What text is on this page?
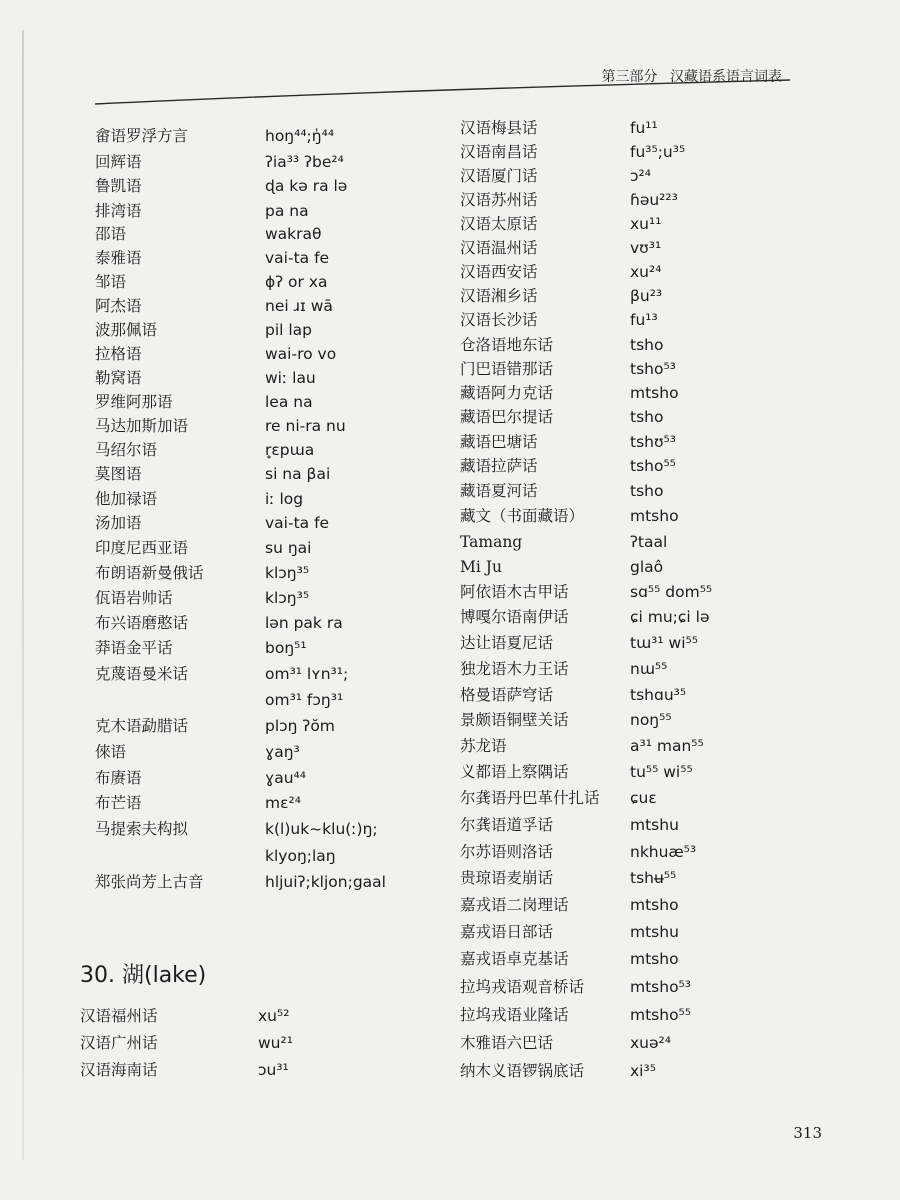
第三部分 汉藏语系语言词表
畲语罗浮方言	hoŋ⁴⁴;ŋ̍⁴⁴
回辉语	ʔia³³ ʔbe²⁴
鲁凯语	ɖa kə ra lə
排湾语	pa na
邵语	wakraθ
泰雅语	vai-ta fe
邹语	ɸʔ or xa
阿杰语	nei ɹɪ wā
波那佩语	pil lap
拉格语	wai-ro vo
勒窝语	wiː lau
罗维阿那语	lea na
马达加斯加语	re ni-ra nu
马绍尔语	r̥ɛpɯa
莫图语	si na βai
他加禄语	iː log
汤加语	vai-ta fe
印度尼西亚语	su ŋai
布朗语新曼俄话	klɔŋ³⁵
佤语岩帅话	klɔŋ³⁵
布兴语磨憨话	lən pak ra
莽语金平话	boŋ⁵¹
克蔑语曼米话	om³¹ lʏn³¹;
om³¹ fɔŋ³¹
克木语勐腊话	plɔŋ ʔŏm
倈语	ɣaŋ³
布赓语	ɣau⁴⁴
布芒语	mɛ²⁴
马提索夫构拟	k(l)uk~klu(ː)ŋ;
klyoŋ;laŋ
郑张尚芳上古音	hljuiʔ;kljon;gaal
30. 湖(lake)
汉语福州话	xu⁵²
汉语广州话	wu²¹
汉语海南话	ɔu³¹
汉语梅县话	fu¹¹
汉语南昌话	fu³⁵;u³⁵
汉语厦门话	ɔ²⁴
汉语苏州话	ɦəu²²³
汉语太原话	xu¹¹
汉语温州话	vʊ³¹
汉语西安话	xu²⁴
汉语湘乡话	βu²³
汉语长沙话	fu¹³
仓洛语地东话	tsho
门巴语错那话	tsho⁵³
藏语阿力克话	mtsho
藏语巴尔提话	tsho
藏语巴塘话	tshʊ⁵³
藏语拉萨话	tsho⁵⁵
藏语夏河话	tsho
藏文（书面藏语）	mtsho
Tamang	ʔtaal
Mi Ju	glaô
阿依语木古甲话	sɑ⁵⁵ dom⁵⁵
博嘎尔语南伊话	ɕi mu;ɕi lə
达让语夏尼话	tɯ³¹ wi⁵⁵
独龙语木力王话	nɯ⁵⁵
格曼语萨穹话	tshɑu³⁵
景颇语铜壁关话	noŋ⁵⁵
苏龙语	a³¹ man⁵⁵
义都语上察隅话	tu⁵⁵ wi⁵⁵
尔龚语丹巴革什扎话 ɕuɛ
尔龚语道孚话	mtshu
尔苏语则洛话	nkhuæ⁵³
贵琼语麦崩话	tshʉ⁵⁵
嘉戎语二岗理话	mtsho
嘉戎语日部话	mtshu
嘉戎语卓克基话	mtsho
拉坞戎语观音桥话	mtsho⁵³
拉坞戎语业隆话	mtsho⁵⁵
木雅语六巴话	xuə²⁴
纳木义语锣锅底话	xi³⁵
313
